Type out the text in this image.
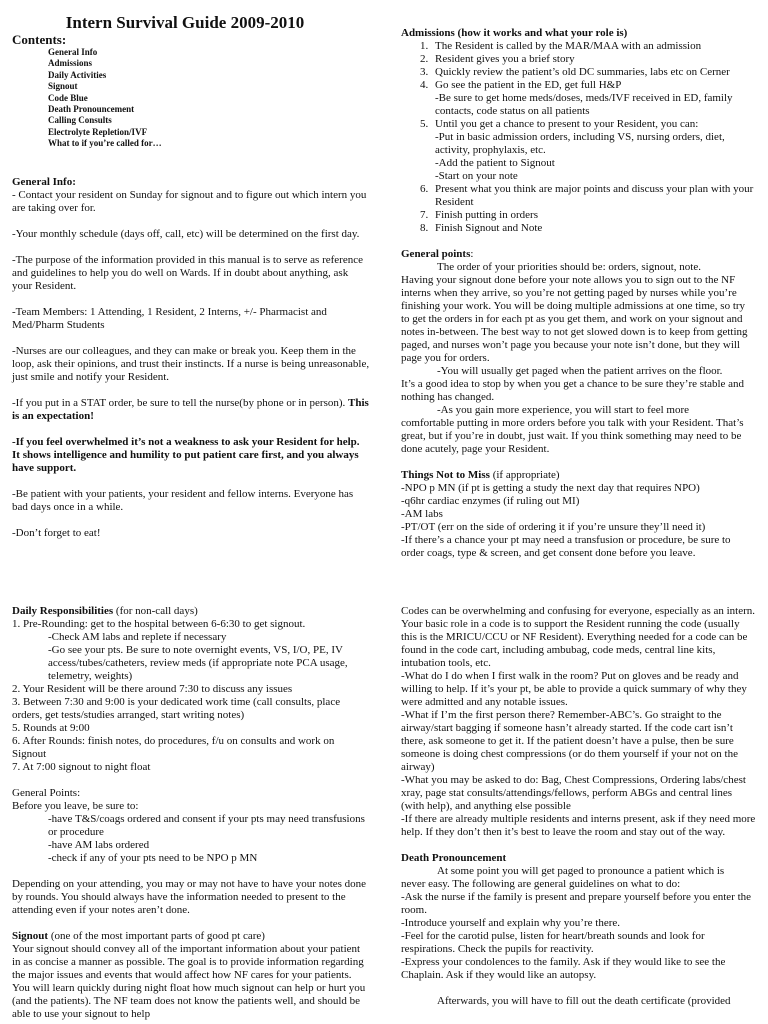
Intern Survival Guide 2009-2010
Contents:
General Info
Admissions
Daily Activities
Signout
Code Blue
Death Pronouncement
Calling Consults
Electrolyte Repletion/IVF
What to if you’re called for…

General Info:

- Contact your resident on Sunday for signout and to figure out which intern you are taking over for.

-Your monthly schedule (days off, call, etc) will be determined on the first day.

-The purpose of the information provided in this manual is to serve as reference and guidelines to help you do well on Wards. If in doubt about anything, ask your Resident.

-Team Members: 1 Attending, 1 Resident, 2 Interns, +/- Pharmacist and Med/Pharm Students

-Nurses are our colleagues, and they can make or break you. Keep them in the loop, ask their opinions, and trust their instincts. If a nurse is being unreasonable, just smile and notify your Resident.

-If you put in a STAT order, be sure to tell the nurse(by phone or in person). This is an expectation!

-If you feel overwhelmed it’s not a weakness to ask your Resident for help. It shows intelligence and humility to put patient care first, and you always have support.

-Be patient with your patients, your resident and fellow interns. Everyone has bad days once in a while.

-Don’t forget to eat!

Admissions (how it works and what your role is)

1. The Resident is called by the MAR/MAA with an admission
2. Resident gives you a brief story
3. Quickly review the patient’s old DC summaries, labs etc on Cerner
4. Go see the patient in the ED, get full H&P
-Be sure to get home meds/doses, meds/IVF received in ED, family contacts, code status on all patients
5. Until you get a chance to present to your Resident, you can:
-Put in basic admission orders, including VS, nursing orders, diet, activity, prophylaxis, etc.
-Add the patient to Signout
-Start on your note
6. Present what you think are major points and discuss your plan with your Resident
7. Finish putting in orders
8. Finish Signout and Note

General points:

The order of your priorities should be: orders, signout, note.

Having your signout done before your note allows you to sign out to the NF interns when they arrive, so you’re not getting paged by nurses while you’re finishing your work. You will be doing multiple admissions at one time, so try to get the orders in for each pt as you get them, and work on your signout and notes in-between. The best way to not get slowed down is to keep from getting paged, and nurses won’t page you because your note isn’t done, but they will page you for orders.

-You will usually get paged when the patient arrives on the floor.

It’s a good idea to stop by when you get a chance to be sure they’re stable and nothing has changed.

-As you gain more experience, you will start to feel more

comfortable putting in more orders before you talk with your Resident. That’s great, but if you’re in doubt, just wait. If you think something may need to be done acutely, page your Resident.

Things Not to Miss (if appropriate)

-NPO p MN (if pt is getting a study the next day that requires NPO)

-q6hr cardiac enzymes (if ruling out MI)

-AM labs

-PT/OT (err on the side of ordering it if you’re unsure they’ll need it)

-If there’s a chance your pt may need a transfusion or procedure, be sure to order coags, type & screen, and get consent done before you leave.

Daily Responsibilities (for non-call days)

1. Pre-Rounding: get to the hospital between 6-6:30 to get signout.

-Check AM labs and replete if necessary

-Go see your pts. Be sure to note overnight events, VS, I/O, PE, IV access/tubes/catheters, review meds (if appropriate note PCA usage, telemetry, weights)

2. Your Resident will be there around 7:30 to discuss any issues

3. Between 7:30 and 9:00 is your dedicated work time (call consults, place orders, get tests/studies arranged, start writing notes)

5. Rounds at 9:00

6. After Rounds: finish notes, do procedures, f/u on consults and work on Signout

7. At 7:00 signout to night float

General Points:

Before you leave, be sure to:

-have T&S/coags ordered and consent if your pts may need transfusions or procedure

-have AM labs ordered

-check if any of your pts need to be NPO p MN

Depending on your attending, you may or may not have to have your notes done by rounds. You should always have the information needed to present to the attending even if your notes aren’t done.

Signout (one of the most important parts of good pt care)

Your signout should convey all of the important information about your patient in as concise a manner as possible. The goal is to provide information regarding the major issues and events that would affect how NF cares for your patients. You will learn quickly during night float how much signout can help or hurt you (and the patients). The NF team does not know the patients well, and should be able to use your signout to help

Codes can be overwhelming and confusing for everyone, especially as an intern. Your basic role in a code is to support the Resident running the code (usually this is the MRICU/CCU or NF Resident). Everything needed for a code can be found in the code cart, including ambubag, code meds, central line kits, intubation tools, etc.

-What do I do when I first walk in the room? Put on gloves and be ready and willing to help. If it’s your pt, be able to provide a quick summary of why they were admitted and any notable issues.

-What if I’m the first person there? Remember-ABC’s. Go straight to the airway/start bagging if someone hasn’t already started. If the code cart isn’t there, ask someone to get it. If the patient doesn’t have a pulse, then be sure someone is doing chest compressions (or do them yourself if your not on the airway)

-What you may be asked to do: Bag, Chest Compressions, Ordering labs/chest xray, page stat consults/attendings/fellows, perform ABGs and central lines (with help), and anything else possible

-If there are already multiple residents and interns present, ask if they need more help. If they don’t then it’s best to leave the room and stay out of the way.

Death Pronouncement

At some point you will get paged to pronounce a patient which is

never easy. The following are general guidelines on what to do:

-Ask the nurse if the family is present and prepare yourself before you enter the room.

-Introduce yourself and explain why you’re there.

-Feel for the carotid pulse, listen for heart/breath sounds and look for respirations. Check the pupils for reactivity.

-Express your condolences to the family. Ask if they would like to see the Chaplain. Ask if they would like an autopsy.

Afterwards, you will have to fill out the death certificate (provided
